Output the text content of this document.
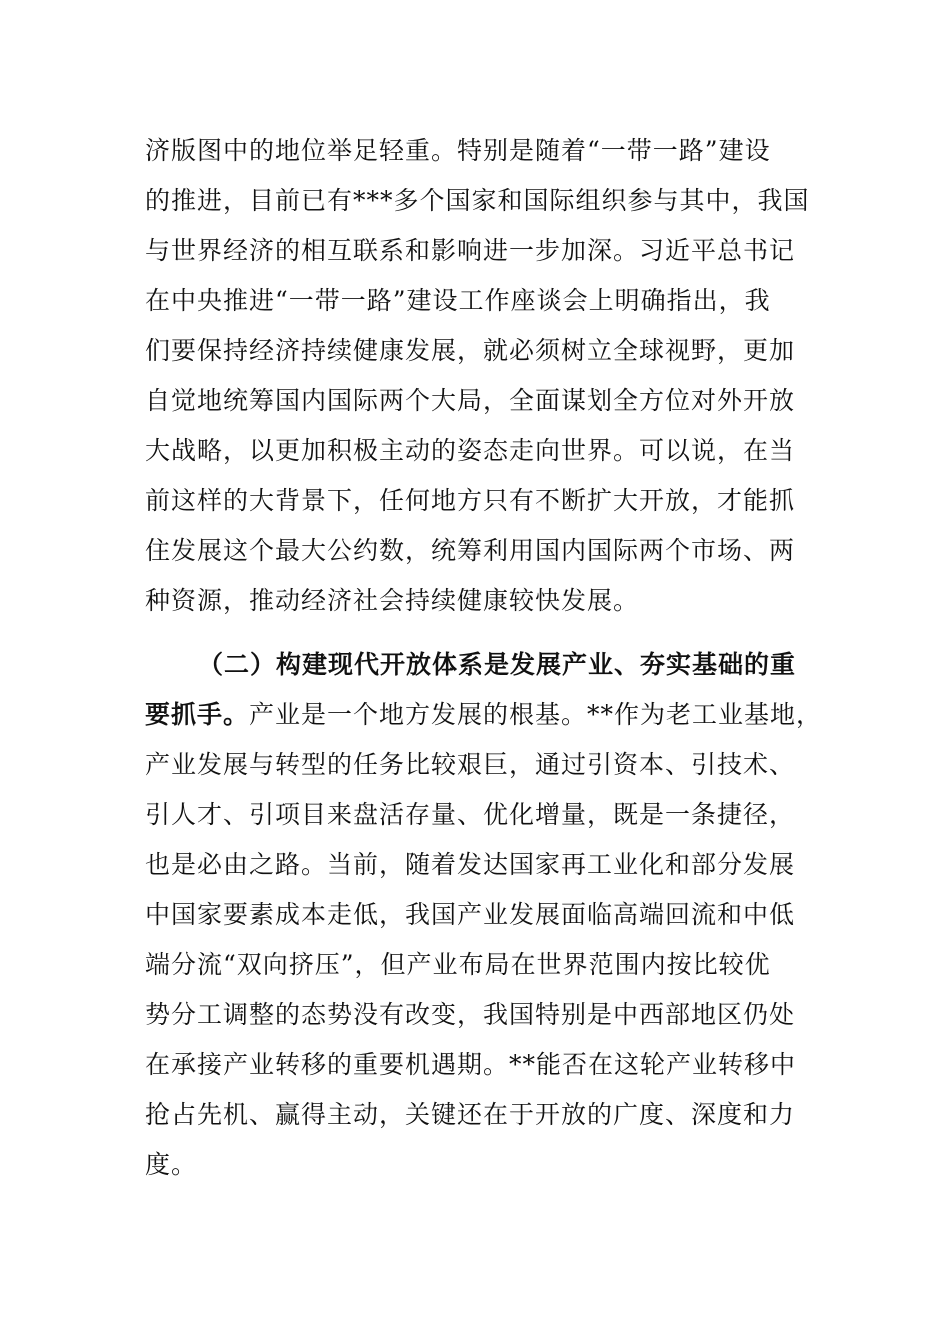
济版图中的地位举足轻重。特别是随着“一带一路”建设
的推进，目前已有***多个国家和国际组织参与其中，我国
与世界经济的相互联系和影响进一步加深。习近平总书记
在中央推进“一带一路”建设工作座谈会上明确指出，我
们要保持经济持续健康发展，就必须树立全球视野，更加
自觉地统筹国内国际两个大局，全面谋划全方位对外开放
大战略，以更加积极主动的姿态走向世界。可以说，在当
前这样的大背景下，任何地方只有不断扩大开放，才能抓
住发展这个最大公约数，统筹利用国内国际两个市场、两
种资源，推动经济社会持续健康较快发展。
（二）构建现代开放体系是发展产业、夯实基础的重
要抓手。产业是一个地方发展的根基。**作为老工业基地，
产业发展与转型的任务比较艰巨，通过引资本、引技术、
引人才、引项目来盘活存量、优化增量，既是一条捷径，
也是必由之路。当前，随着发达国家再工业化和部分发展
中国家要素成本走低，我国产业发展面临高端回流和中低
端分流“双向挤压”，但产业布局在世界范围内按比较优
势分工调整的态势没有改变，我国特别是中西部地区仍处
在承接产业转移的重要机遇期。**能否在这轮产业转移中
抢占先机、赢得主动，关键还在于开放的广度、深度和力
度。
